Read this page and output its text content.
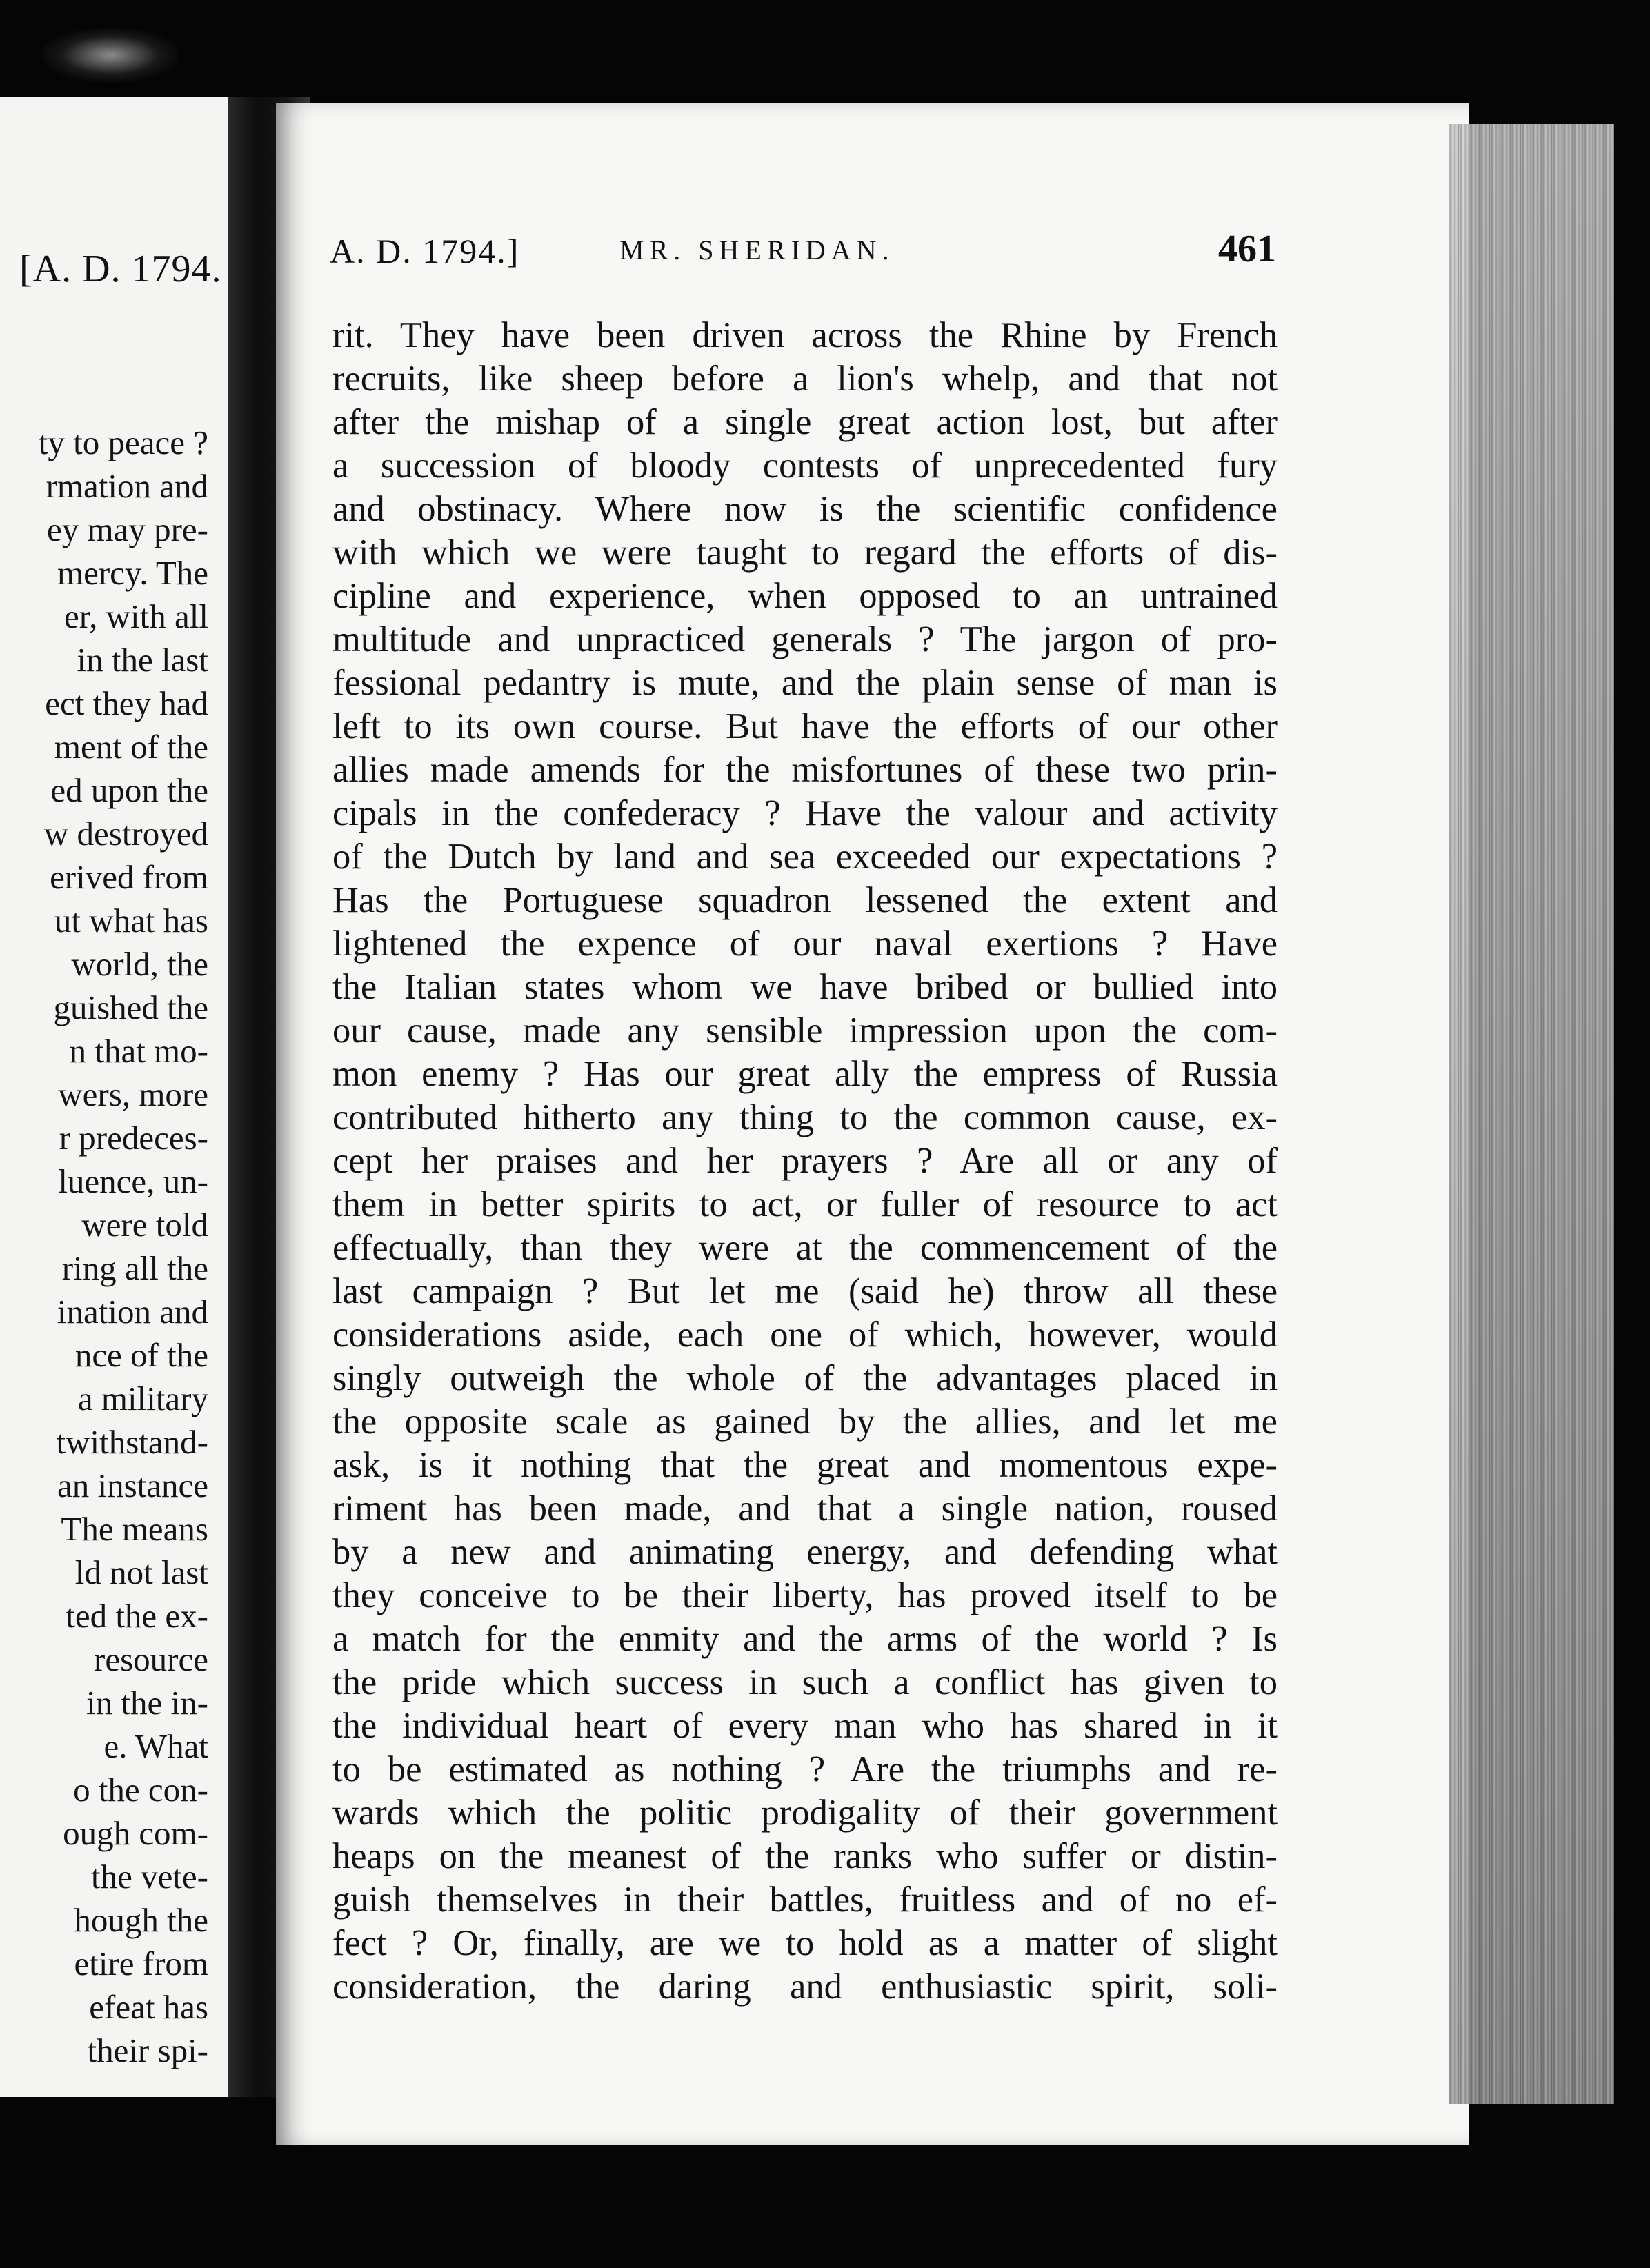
[A. D. 1794.
ty to peace ?
rmation and
ey may pre-
mercy. The
er, with all
in the last
ect they had
ment of the
ed upon the
w destroyed
erived from
ut what has
world, the
guished the
n that mo-
wers, more
r predeces-
luence, un-
were told
ring all the
ination and
nce of the
a military
twithstand-
an instance
The means
ld not last
ted the ex-
resource
in the in-
e. What
o the con-
ough com-
the vete-
hough the
etire from
efeat has
their spi-
A. D. 1794.]	MR. SHERIDAN.	461
rit. They have been driven across the Rhine by French
recruits, like sheep before a lion's whelp, and that not
after the mishap of a single great action lost, but after
a succession of bloody contests of unprecedented fury
and obstinacy. Where now is the scientific confidence
with which we were taught to regard the efforts of dis-
cipline and experience, when opposed to an untrained
multitude and unpracticed generals ? The jargon of pro-
fessional pedantry is mute, and the plain sense of man is
left to its own course. But have the efforts of our other
allies made amends for the misfortunes of these two prin-
cipals in the confederacy ? Have the valour and activity
of the Dutch by land and sea exceeded our expectations ?
Has the Portuguese squadron lessened the extent and
lightened the expence of our naval exertions ? Have
the Italian states whom we have bribed or bullied into
our cause, made any sensible impression upon the com-
mon enemy ? Has our great ally the empress of Russia
contributed hitherto any thing to the common cause, ex-
cept her praises and her prayers ? Are all or any of
them in better spirits to act, or fuller of resource to act
effectually, than they were at the commencement of the
last campaign ? But let me (said he) throw all these
considerations aside, each one of which, however, would
singly outweigh the whole of the advantages placed in
the opposite scale as gained by the allies, and let me
ask, is it nothing that the great and momentous expe-
riment has been made, and that a single nation, roused
by a new and animating energy, and defending what
they conceive to be their liberty, has proved itself to be
a match for the enmity and the arms of the world ? Is
the pride which success in such a conflict has given to
the individual heart of every man who has shared in it
to be estimated as nothing ? Are the triumphs and re-
wards which the politic prodigality of their government
heaps on the meanest of the ranks who suffer or distin-
guish themselves in their battles, fruitless and of no ef-
fect ? Or, finally, are we to hold as a matter of slight
consideration, the daring and enthusiastic spirit, soli-
